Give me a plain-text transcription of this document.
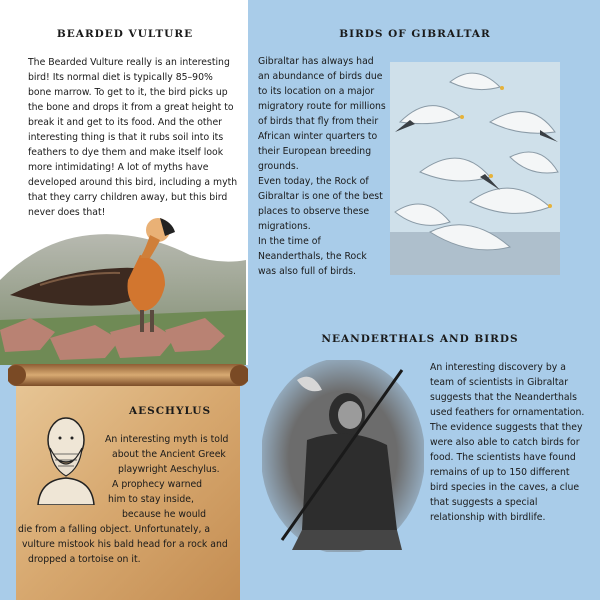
BEARDED VULTURE

The Bearded Vulture really is an interesting bird! Its normal diet is typically 85–90% bone marrow. To get to it, the bird picks up the bone and drops it from a great height to break it and get to its food. And the other interesting thing is that it rubs soil into its feathers to dye them and make itself look more intimidating! A lot of myths have developed around this bird, including a myth that they carry children away, but this bird never does that!

BIRDS OF GIBRALTAR

Gibraltar has always had an abundance of birds due to its location on a major migratory route for millions of birds that fly from their African winter quarters to their European breeding grounds.

Even today, the Rock of Gibraltar is one of the best places to observe these migrations.

In the time of Neanderthals, the Rock was also full of birds.

NEANDERTHALS AND BIRDS

An interesting discovery by a team of scientists in Gibraltar suggests that the Neanderthals used feathers for ornamentation.

The evidence suggests that they were also able to catch birds for food. The scientists have found remains of up to 150 different bird species in the caves, a clue that suggests a special relationship with birdlife.

AESCHYLUS
An interesting myth is told
about the Ancient Greek
playwright Aeschylus.
A prophecy warned
him to stay inside,
because he would
die from a falling object. Unfortunately, a
vulture mistook his bald head for a rock and
dropped a tortoise on it.
